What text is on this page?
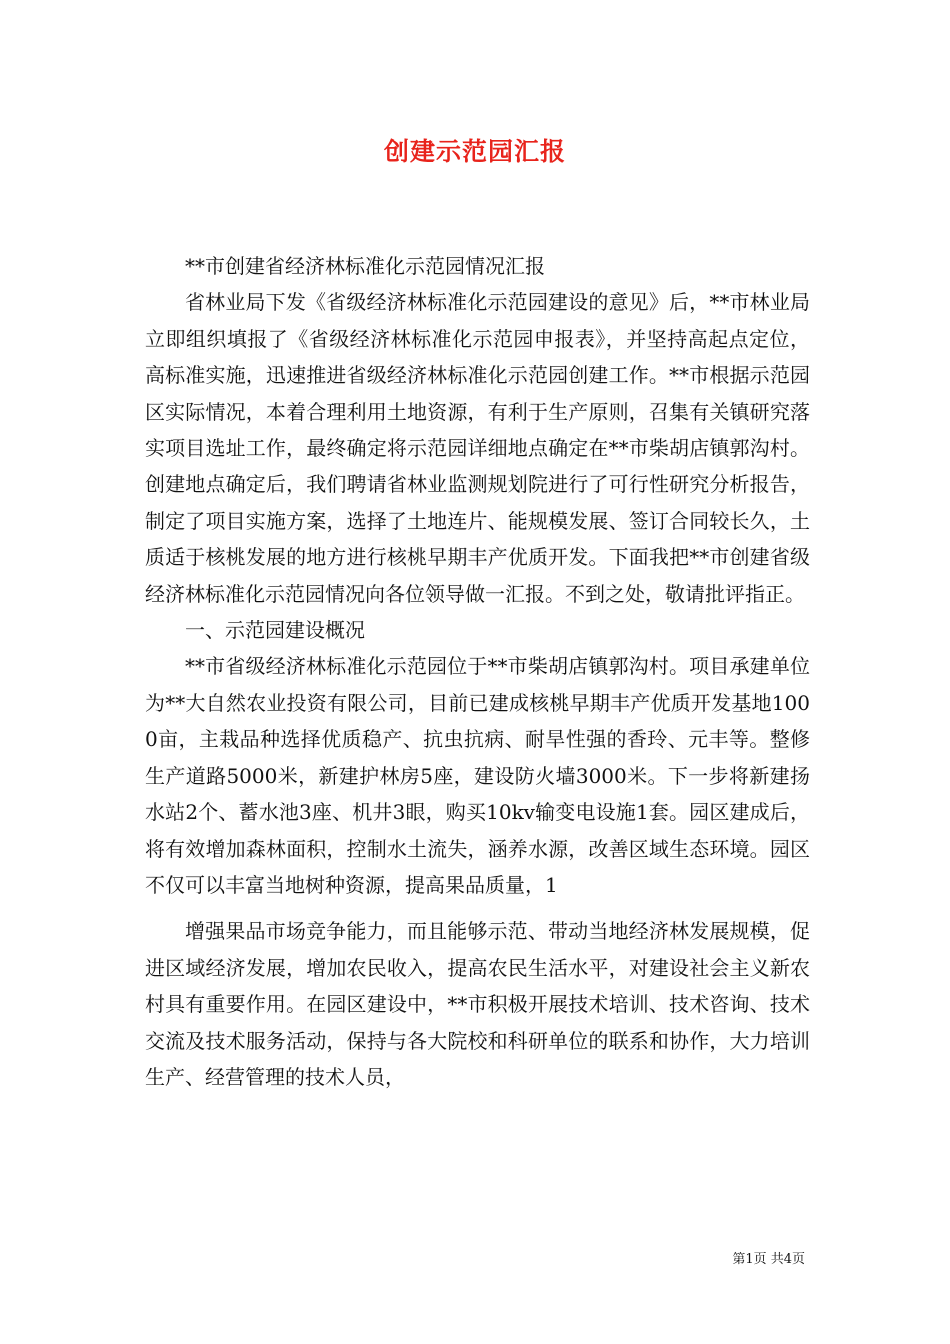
创建示范园汇报

**市创建省经济林标准化示范园情况汇报

省林业局下发《省级经济林标准化示范园建设的意见》后，**市林业局立即组织填报了《省级经济林标准化示范园申报表》，并坚持高起点定位，高标准实施，迅速推进省级经济林标准化示范园创建工作。**市根据示范园区实际情况，本着合理利用土地资源，有利于生产原则，召集有关镇研究落实项目选址工作，最终确定将示范园详细地点确定在**市柴胡店镇郭沟村。创建地点确定后，我们聘请省林业监测规划院进行了可行性研究分析报告，制定了项目实施方案，选择了土地连片、能规模发展、签订合同较长久，土质适于核桃发展的地方进行核桃早期丰产优质开发。下面我把**市创建省级经济林标准化示范园情况向各位领导做一汇报。不到之处，敬请批评指正。

一、示范园建设概况

**市省级经济林标准化示范园位于**市柴胡店镇郭沟村。项目承建单位为**大自然农业投资有限公司，目前已建成核桃早期丰产优质开发基地1000亩，主栽品种选择优质稳产、抗虫抗病、耐旱性强的香玲、元丰等。整修生产道路5000米，新建护林房5座，建设防火墙3000米。下一步将新建扬水站2个、蓄水池3座、机井3眼，购买10kv输变电设施1套。园区建成后，将有效增加森林面积，控制水土流失，涵养水源，改善区域生态环境。园区不仅可以丰富当地树种资源，提高果品质量，1

增强果品市场竞争能力，而且能够示范、带动当地经济林发展规模，促进区域经济发展，增加农民收入，提高农民生活水平，对建设社会主义新农村具有重要作用。在园区建设中，**市积极开展技术培训、技术咨询、技术交流及技术服务活动，保持与各大院校和科研单位的联系和协作，大力培训生产、经营管理的技术人员，

第1页 共4页
